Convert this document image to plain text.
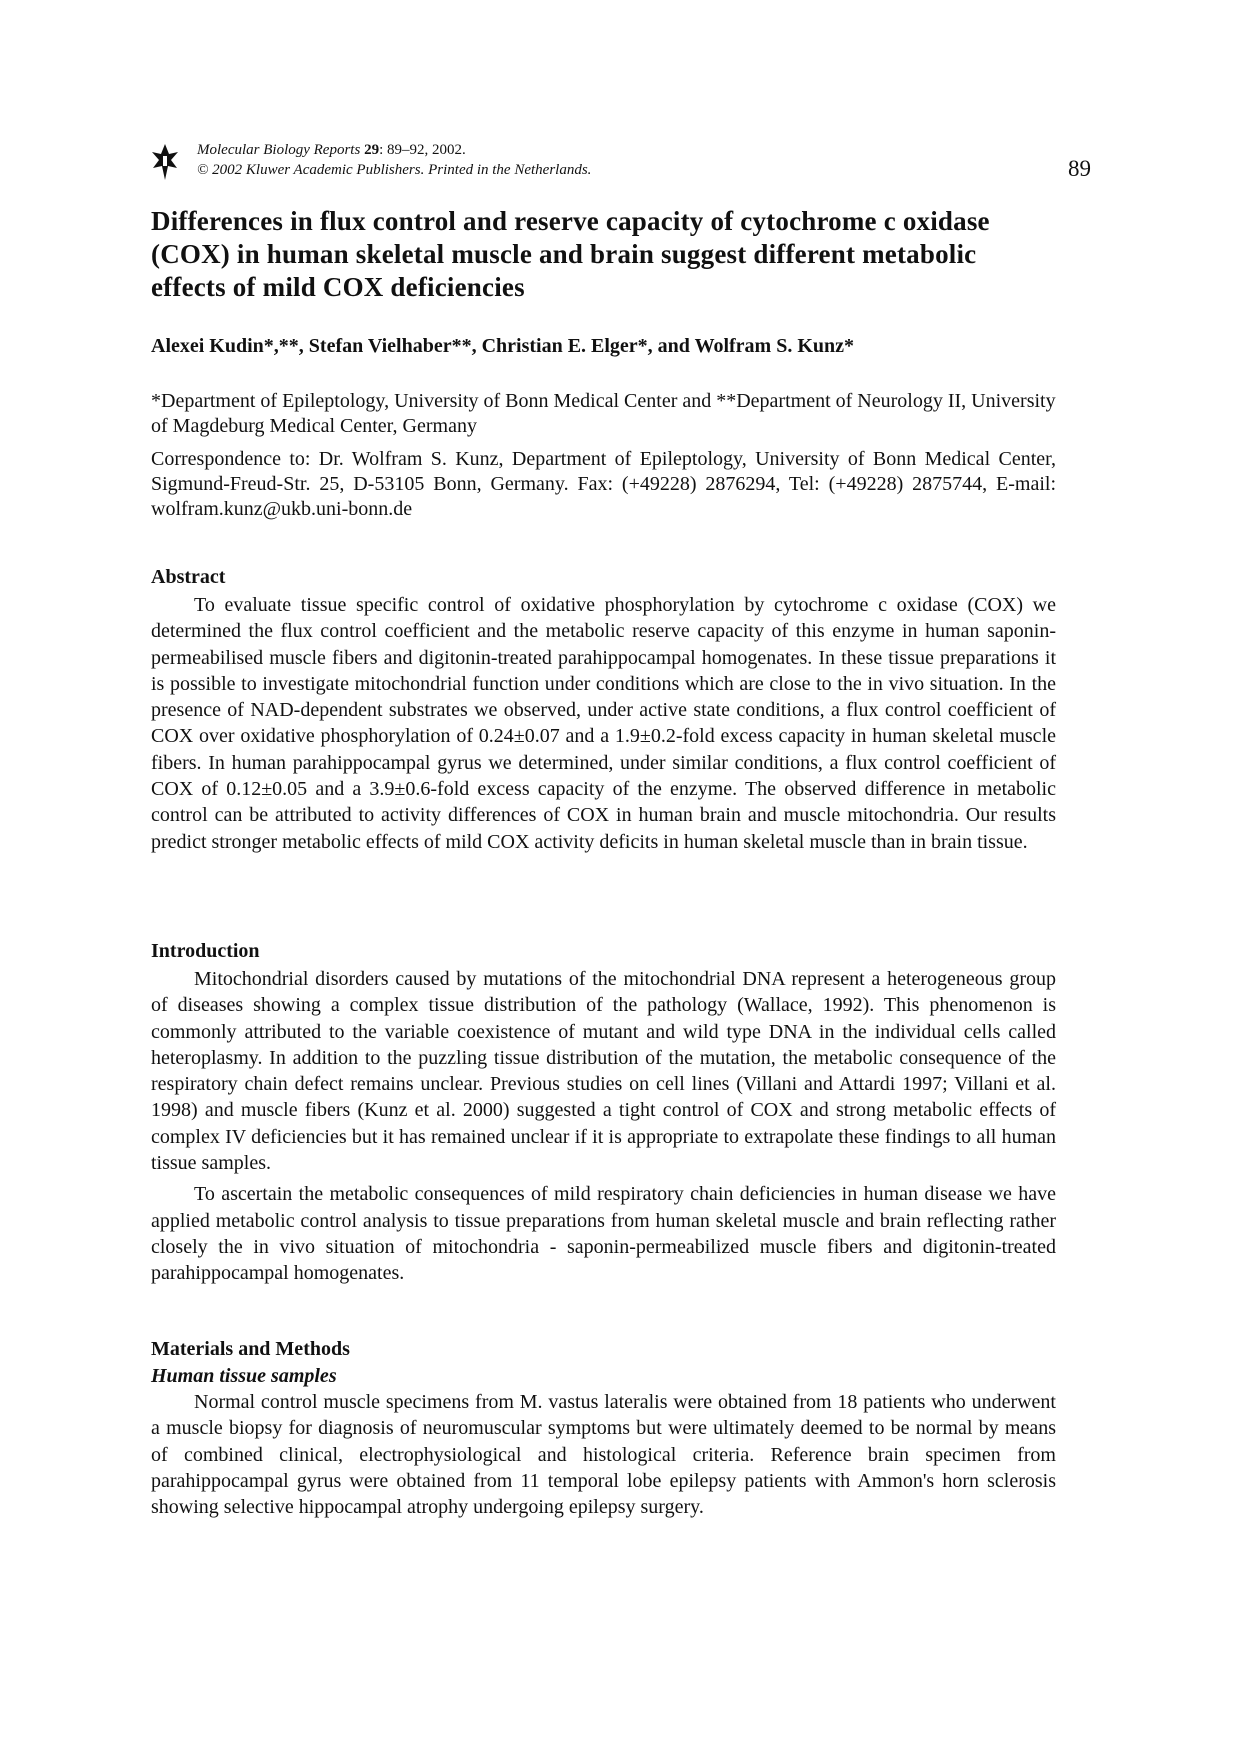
Molecular Biology Reports 29: 89–92, 2002.
© 2002 Kluwer Academic Publishers. Printed in the Netherlands.	89
Differences in flux control and reserve capacity of cytochrome c oxidase (COX) in human skeletal muscle and brain suggest different metabolic effects of mild COX deficiencies

Alexei Kudin*,**, Stefan Vielhaber**, Christian E. Elger*, and Wolfram S. Kunz*

*Department of Epileptology, University of Bonn Medical Center and **Department of Neurology II, University of Magdeburg Medical Center, Germany

Correspondence to: Dr. Wolfram S. Kunz, Department of Epileptology, University of Bonn Medical Center, Sigmund-Freud-Str. 25, D-53105 Bonn, Germany. Fax: (+49228) 2876294, Tel: (+49228) 2875744, E-mail: wolfram.kunz@ukb.uni-bonn.de

Abstract

To evaluate tissue specific control of oxidative phosphorylation by cytochrome c oxidase (COX) we determined the flux control coefficient and the metabolic reserve capacity of this enzyme in human saponin-permeabilised muscle fibers and digitonin-treated parahippocampal homogenates. In these tissue preparations it is possible to investigate mitochondrial function under conditions which are close to the in vivo situation. In the presence of NAD-dependent substrates we observed, under active state conditions, a flux control coefficient of COX over oxidative phosphorylation of 0.24±0.07 and a 1.9±0.2-fold excess capacity in human skeletal muscle fibers. In human parahippocampal gyrus we determined, under similar conditions, a flux control coefficient of COX of 0.12±0.05 and a 3.9±0.6-fold excess capacity of the enzyme. The observed difference in metabolic control can be attributed to activity differences of COX in human brain and muscle mitochondria. Our results predict stronger metabolic effects of mild COX activity deficits in human skeletal muscle than in brain tissue.

Introduction

Mitochondrial disorders caused by mutations of the mitochondrial DNA represent a heterogeneous group of diseases showing a complex tissue distribution of the pathology (Wallace, 1992). This phenomenon is commonly attributed to the variable coexistence of mutant and wild type DNA in the individual cells called heteroplasmy. In addition to the puzzling tissue distribution of the mutation, the metabolic consequence of the respiratory chain defect remains unclear. Previous studies on cell lines (Villani and Attardi 1997; Villani et al. 1998) and muscle fibers (Kunz et al. 2000) suggested a tight control of COX and strong metabolic effects of complex IV deficiencies but it has remained unclear if it is appropriate to extrapolate these findings to all human tissue samples.

To ascertain the metabolic consequences of mild respiratory chain deficiencies in human disease we have applied metabolic control analysis to tissue preparations from human skeletal muscle and brain reflecting rather closely the in vivo situation of mitochondria - saponin-permeabilized muscle fibers and digitonin-treated parahippocampal homogenates.

Materials and Methods
Human tissue samples

Normal control muscle specimens from M. vastus lateralis were obtained from 18 patients who underwent a muscle biopsy for diagnosis of neuromuscular symptoms but were ultimately deemed to be normal by means of combined clinical, electrophysiological and histological criteria. Reference brain specimen from parahippocampal gyrus were obtained from 11 temporal lobe epilepsy patients with Ammon's horn sclerosis showing selective hippocampal atrophy undergoing epilepsy surgery.
